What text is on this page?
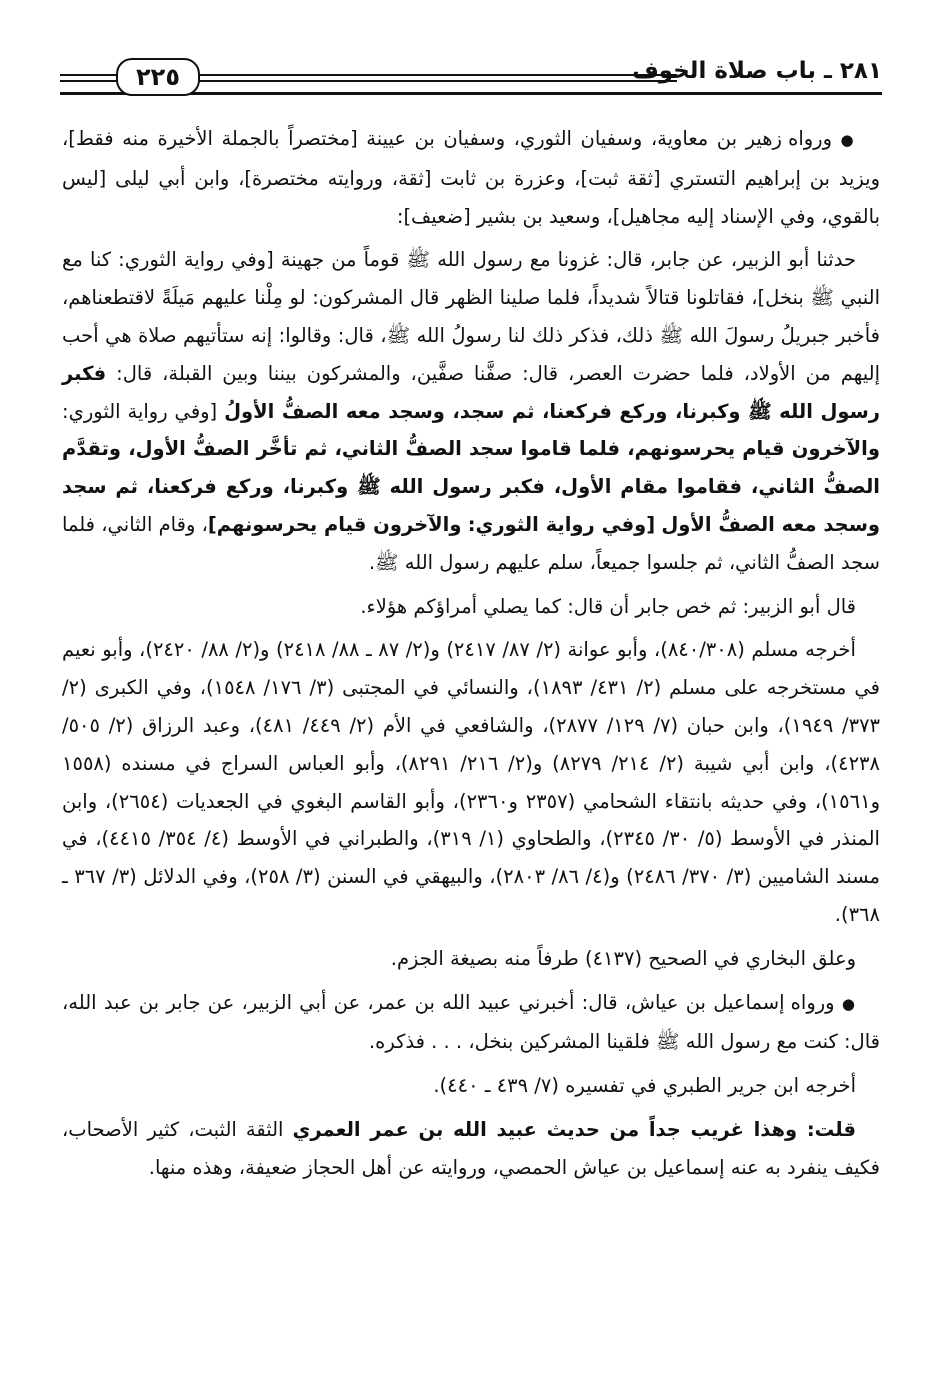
٢٢٥	٢٨١ ـ باب صلاة الخوف

● ورواه زهير بن معاوية، وسفيان الثوري، وسفيان بن عيينة [مختصراً بالجملة الأخيرة منه فقط]، ويزيد بن إبراهيم التستري [ثقة ثبت]، وعزرة بن ثابت [ثقة، وروايته مختصرة]، وابن أبي ليلى [ليس بالقوي، وفي الإسناد إليه مجاهيل]، وسعيد بن بشير [ضعيف]:

حدثنا أبو الزبير، عن جابر، قال: غزونا مع رسول الله ﷺ قوماً من جهينة [وفي رواية الثوري: كنا مع النبي ﷺ بنخل]، فقاتلونا قتالاً شديداً، فلما صلينا الظهر قال المشركون: لو مِلْنا عليهم مَيلَةً لاقتطعناهم، فأخبر جبريلُ رسولَ الله ﷺ ذلك، فذكر ذلك لنا رسولُ الله ﷺ، قال: وقالوا: إنه ستأتيهم صلاة هي أحب إليهم من الأولاد، فلما حضرت العصر، قال: صفَّنا صفَّين، والمشركون بيننا وبين القبلة، قال: فكبر رسول الله ﷺ وكبرنا، وركع فركعنا، ثم سجد، وسجد معه الصفُّ الأولُ [وفي رواية الثوري: والآخرون قيام يحرسونهم، فلما قاموا سجد الصفُّ الثاني، ثم تأخَّر الصفُّ الأول، وتقدَّم الصفُّ الثاني، فقاموا مقام الأول، فكبر رسول الله ﷺ وكبرنا، وركع فركعنا، ثم سجد وسجد معه الصفُّ الأول [وفي رواية الثوري: والآخرون قيام يحرسونهم]، وقام الثاني، فلما سجد الصفُّ الثاني، ثم جلسوا جميعاً، سلم عليهم رسول الله ﷺ.

قال أبو الزبير: ثم خص جابر أن قال: كما يصلي أمراؤكم هؤلاء.

أخرجه مسلم (٨٤٠/٣٠٨)، وأبو عوانة (٢/ ٨٧/ ٢٤١٧) و(٢/ ٨٧ ـ ٨٨/ ٢٤١٨) و(٢/ ٨٨/ ٢٤٢٠)، وأبو نعيم في مستخرجه على مسلم (٢/ ٤٣١/ ١٨٩٣)، والنسائي في المجتبى (٣/ ١٧٦/ ١٥٤٨)، وفي الكبرى (٢/ ٣٧٣/ ١٩٤٩)، وابن حبان (٧/ ١٢٩/ ٢٨٧٧)، والشافعي في الأم (٢/ ٤٤٩/ ٤٨١)، وعبد الرزاق (٢/ ٥٠٥/ ٤٢٣٨)، وابن أبي شيبة (٢/ ٢١٤/ ٨٢٧٩) و(٢/ ٢١٦/ ٨٢٩١)، وأبو العباس السراج في مسنده (١٥٥٨ و١٥٦١)، وفي حديثه بانتقاء الشحامي (٢٣٥٧ و٢٣٦٠)، وأبو القاسم البغوي في الجعديات (٢٦٥٤)، وابن المنذر في الأوسط (٥/ ٣٠/ ٢٣٤٥)، والطحاوي (١/ ٣١٩)، والطبراني في الأوسط (٤/ ٣٥٤/ ٤٤١٥)، في مسند الشاميين (٣/ ٣٧٠/ ٢٤٨٦) و(٤/ ٨٦/ ٢٨٠٣)، والبيهقي في السنن (٣/ ٢٥٨)، وفي الدلائل (٣/ ٣٦٧ ـ ٣٦٨).

وعلق البخاري في الصحيح (٤١٣٧) طرفاً منه بصيغة الجزم.

● ورواه إسماعيل بن عياش، قال: أخبرني عبيد الله بن عمر، عن أبي الزبير، عن جابر بن عبد الله، قال: كنت مع رسول الله ﷺ فلقينا المشركين بنخل، . . . فذكره.

أخرجه ابن جرير الطبري في تفسيره (٧/ ٤٣٩ ـ ٤٤٠).

قلت: وهذا غريب جداً من حديث عبيد الله بن عمر العمري الثقة الثبت، كثير الأصحاب، فكيف ينفرد به عنه إسماعيل بن عياش الحمصي، وروايته عن أهل الحجاز ضعيفة، وهذه منها.
